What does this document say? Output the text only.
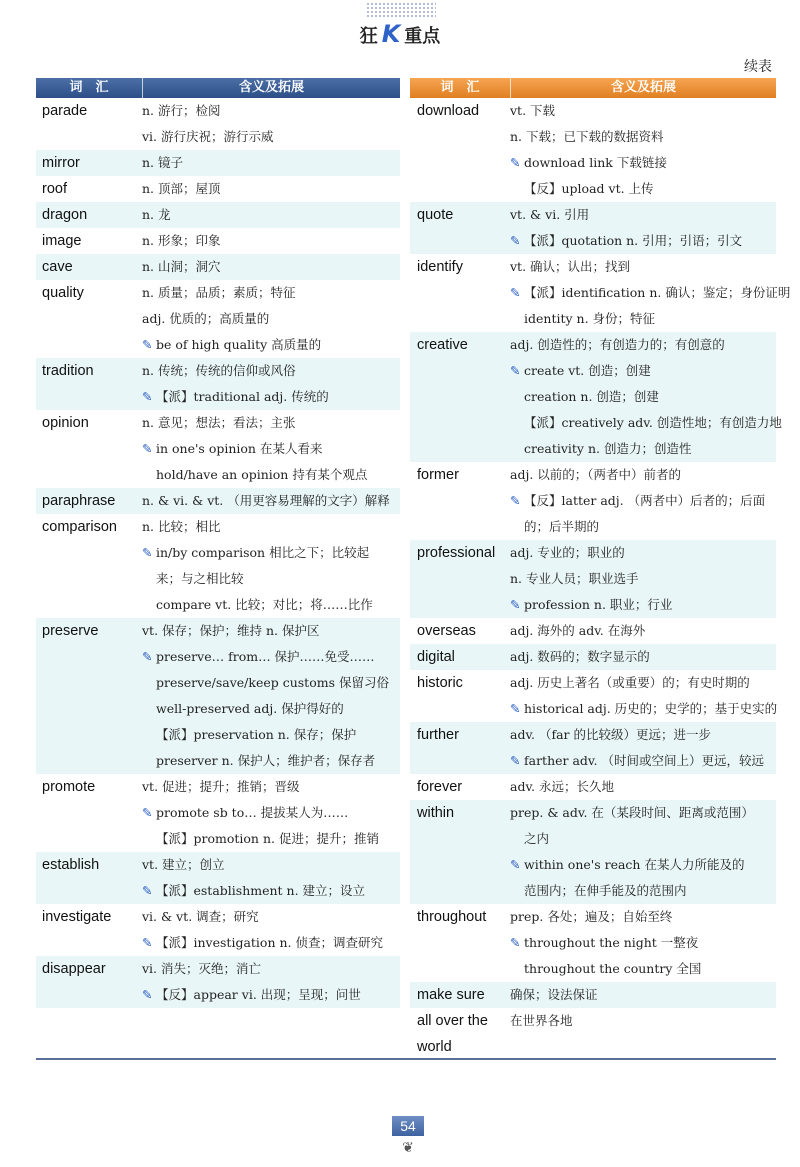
狂 K 重点
续表
词　汇	含义及拓展
parade	n. 游行；检阅
vi. 游行庆祝；游行示威
mirror	n. 镜子
roof	n. 顶部；屋顶
dragon	n. 龙
image	n. 形象；印象
cave	n. 山洞；洞穴
quality	n. 质量；品质；素质；特征
adj. 优质的；高质量的
✎ be of high quality 高质量的
tradition	n. 传统；传统的信仰或风俗
✎ 【派】traditional adj. 传统的
opinion	n. 意见；想法；看法；主张
✎ in one's opinion 在某人看来
hold/have an opinion 持有某个观点
paraphrase	n. & vi. & vt. （用更容易理解的文字）解释
comparison	n. 比较；相比
✎ in/by comparison 相比之下；比较起
来；与之相比较
compare vt. 比较；对比；将……比作
preserve	vt. 保存；保护；维持 n. 保护区
✎ preserve… from… 保护……免受……
preserve/save/keep customs 保留习俗
well-preserved adj. 保护得好的
【派】preservation n. 保存；保护
preserver n. 保护人；维护者；保存者
promote	vt. 促进；提升；推销；晋级
✎ promote sb to… 提拔某人为……
【派】promotion n. 促进；提升；推销
establish	vt. 建立；创立
✎ 【派】establishment n. 建立；设立
investigate	vi. & vt. 调查；研究
✎ 【派】investigation n. 侦查；调查研究
disappear	vi. 消失；灭绝；消亡
✎ 【反】appear vi. 出现；呈现；问世
词　汇	含义及拓展
download	vt. 下载
n. 下载；已下载的数据资料
✎ download link 下载链接
【反】upload vt. 上传
quote	vt. & vi. 引用
✎ 【派】quotation n. 引用；引语；引文
identify	vt. 确认；认出；找到
✎ 【派】identification n. 确认；鉴定；身份证明
identity n. 身份；特征
creative	adj. 创造性的；有创造力的；有创意的
✎ create vt. 创造；创建
creation n. 创造；创建
【派】creatively adv. 创造性地；有创造力地
creativity n. 创造力；创造性
former	adj. 以前的；（两者中）前者的
✎ 【反】latter adj. （两者中）后者的；后面
的；后半期的
professional	adj. 专业的；职业的
n. 专业人员；职业选手
✎ profession n. 职业；行业
overseas	adj. 海外的 adv. 在海外
digital	adj. 数码的；数字显示的
historic	adj. 历史上著名（或重要）的；有史时期的
✎ historical adj. 历史的；史学的；基于史实的
further	adv. （far 的比较级）更远；进一步
✎ farther adv. （时间或空间上）更远，较远
forever	adv. 永远；长久地
within	prep. & adv. 在（某段时间、距离或范围）
之内
✎ within one's reach 在某人力所能及的
范围内；在伸手能及的范围内
throughout	prep. 各处；遍及；自始至终
✎ throughout the night 一整夜
throughout the country 全国
make sure	确保；设法保证
all over the world
在世界各地
54
❦
